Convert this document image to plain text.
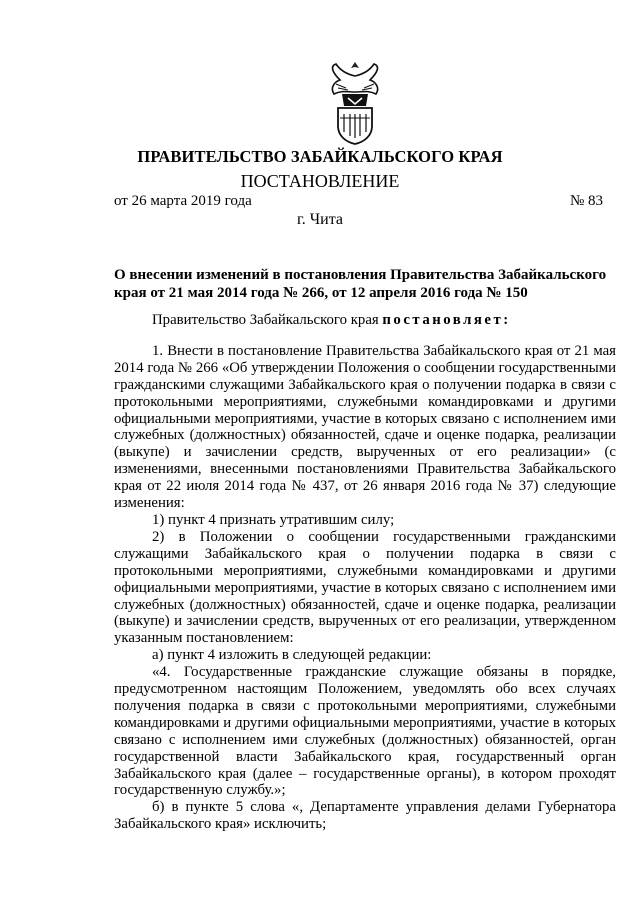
ПРАВИТЕЛЬСТВО ЗАБАЙКАЛЬСКОГО КРАЯ
ПОСТАНОВЛЕНИЕ
от 26 марта 2019 года	№ 83
г. Чита
О внесении изменений в постановления Правительства Забайкальского края от 21 мая 2014 года № 266, от 12 апреля 2016 года № 150

Правительство Забайкальского края постановляет:

1. Внести в постановление Правительства Забайкальского края от 21 мая 2014 года № 266 «Об утверждении Положения о сообщении государственными гражданскими служащими Забайкальского края о получении подарка в связи с протокольными мероприятиями, служебными командировками и другими официальными мероприятиями, участие в которых связано с исполнением ими служебных (должностных) обязанностей, сдаче и оценке подарка, реализации (выкупе) и зачислении средств, вырученных от его реализации» (с изменениями, внесенными постановлениями Правительства Забайкальского края от 22 июля 2014 года № 437, от 26 января 2016 года № 37) следующие изменения:

1) пункт 4 признать утратившим силу;

2) в Положении о сообщении государственными гражданскими служащими Забайкальского края о получении подарка в связи с протокольными мероприятиями, служебными командировками и другими официальными мероприятиями, участие в которых связано с исполнением ими служебных (должностных) обязанностей, сдаче и оценке подарка, реализации (выкупе) и зачислении средств, вырученных от его реализации, утвержденном указанным постановлением:

а) пункт 4 изложить в следующей редакции:

«4. Государственные гражданские служащие обязаны в порядке, предусмотренном настоящим Положением, уведомлять обо всех случаях получения подарка в связи с протокольными мероприятиями, служебными командировками и другими официальными мероприятиями, участие в которых связано с исполнением ими служебных (должностных) обязанностей, орган государственной власти Забайкальского края, государственный орган Забайкальского края (далее – государственные органы), в котором проходят государственную службу.»;

б) в пункте 5 слова «, Департаменте управления делами Губернатора Забайкальского края» исключить;
